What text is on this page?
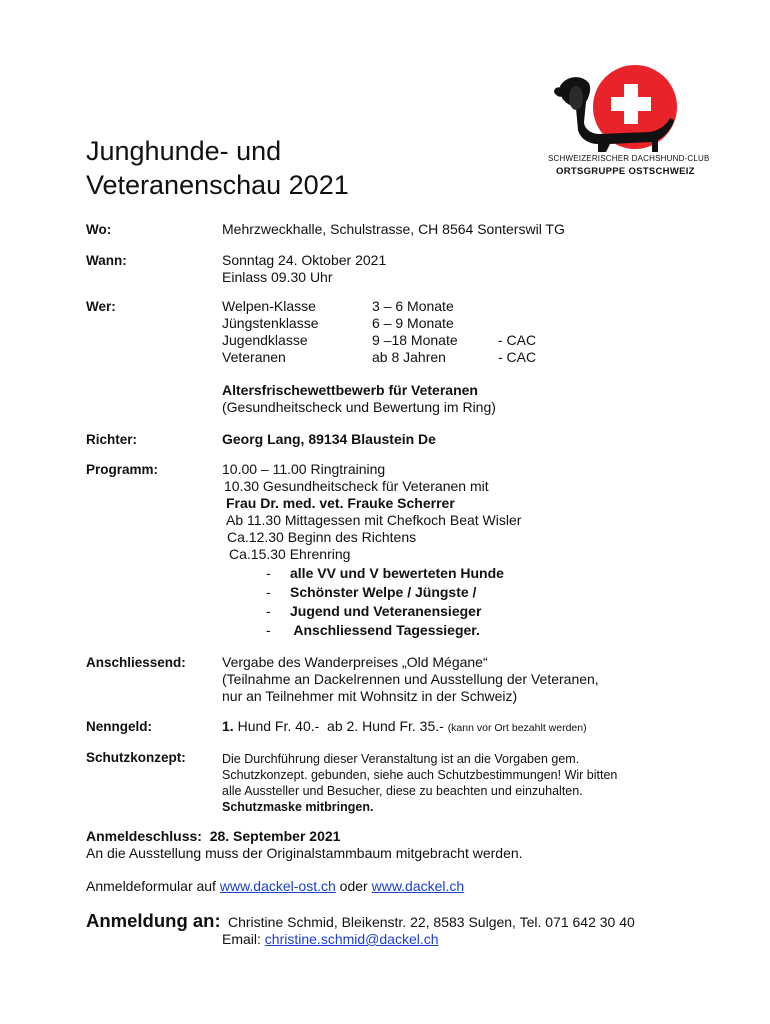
SCHWEIZERISCHER DACHSHUND-CLUB
ORTSGRUPPE OSTSCHWEIZ
Junghunde- und
Veteranenschau 2021
Wo:	Mehrzweckhalle, Schulstrasse, CH 8564 Sonterswil TG
Wann:	Sonntag 24. Oktober 2021
Einlass 09.30 Uhr
Wer:	Welpen-Klasse	3 – 6 Monate
Jüngstenklasse	6 – 9 Monate
Jugendklasse	9 –18 Monate	- CAC
Veteranen	ab 8 Jahren	- CAC
Altersfrischewettbewerb für Veteranen
(Gesundheitscheck und Bewertung im Ring)
Richter:	Georg Lang, 89134 Blaustein De
Programm:	10.00 – 11.00 Ringtraining
10.30 Gesundheitscheck für Veteranen mit
Frau Dr. med. vet. Frauke Scherrer
Ab 11.30 Mittagessen mit Chefkoch Beat Wisler
Ca.12.30 Beginn des Richtens
Ca.15.30 Ehrenring
- alle VV und V bewerteten Hunde
- Schönster Welpe / Jüngste /
- Jugend und Veteranensieger
- Anschliessend Tagessieger.
Anschliessend:	Vergabe des Wanderpreises „Old Mégane“
(Teilnahme an Dackelrennen und Ausstellung der Veteranen,
nur an Teilnehmer mit Wohnsitz in der Schweiz)
Nenngeld:	1. Hund Fr. 40.-  ab 2. Hund Fr. 35.- (kann vor Ort bezahlt werden)
Schutzkonzept:	Die Durchführung dieser Veranstaltung ist an die Vorgaben gem.
Schutzkonzept. gebunden, siehe auch Schutzbestimmungen! Wir bitten
alle Aussteller und Besucher, diese zu beachten und einzuhalten.
Schutzmaske mitbringen.
Anmeldeschluss:  28. September 2021
An die Ausstellung muss der Originalstammbaum mitgebracht werden.
Anmeldeformular auf www.dackel-ost.ch oder www.dackel.ch
Anmeldung an: Christine Schmid, Bleikenstr. 22, 8583 Sulgen, Tel. 071 642 30 40
Email: christine.schmid@dackel.ch
